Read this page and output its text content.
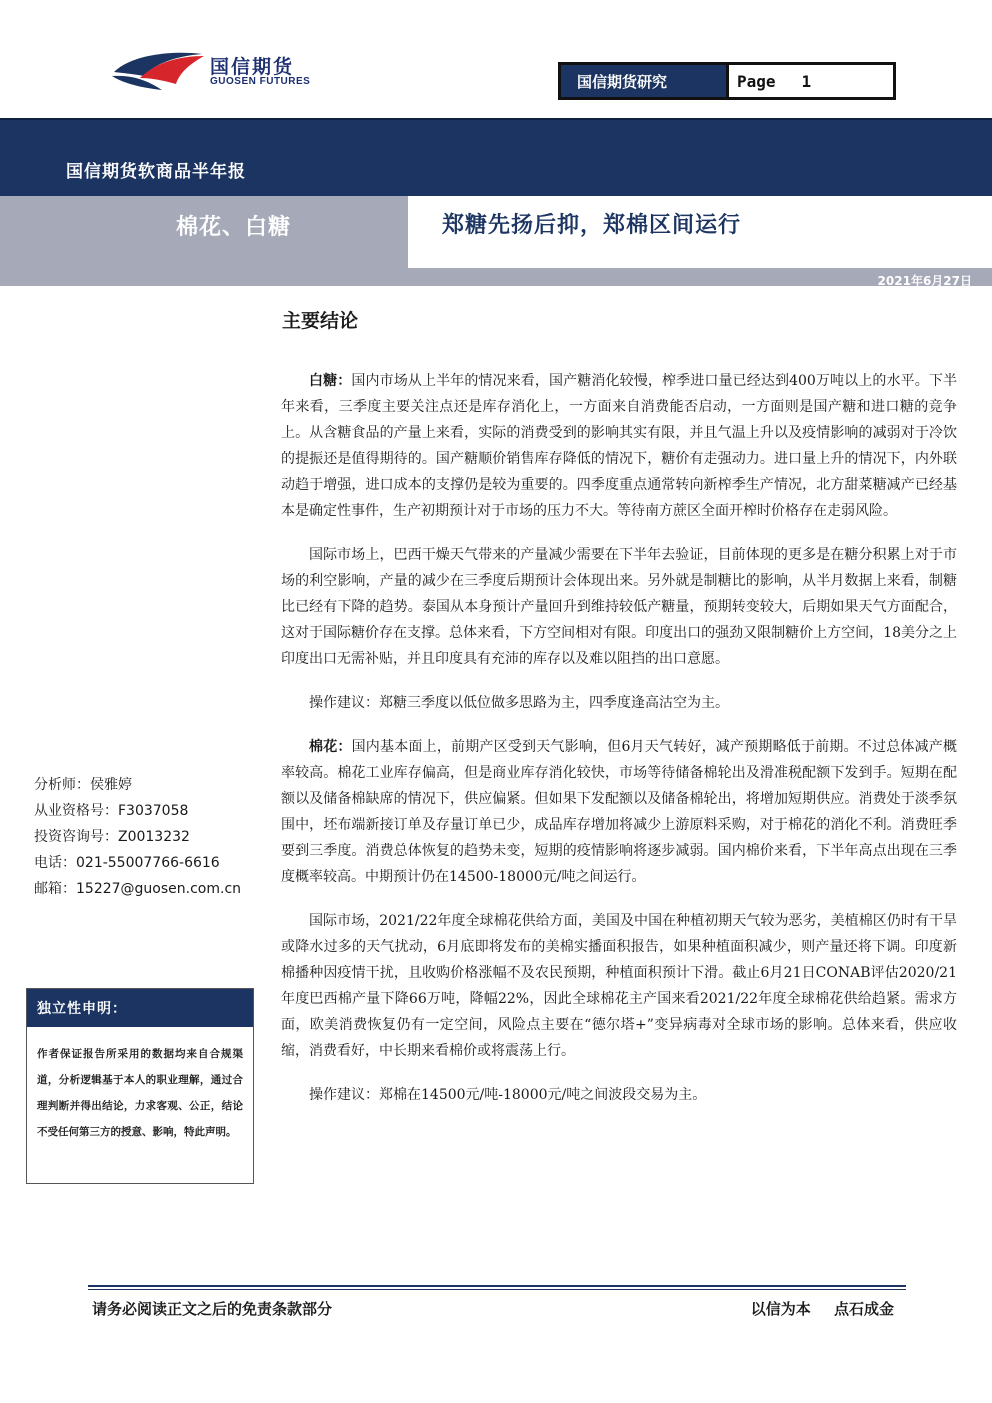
国信期货
GUOSEN FUTURES	国信期货研究	Page 1
国信期货软商品半年报
棉花、白糖	郑糖先扬后抑，郑棉区间运行
2021年6月27日
主要结论

白糖：国内市场从上半年的情况来看，国产糖消化较慢，榨季进口量已经达到400万吨以上的水平。下半年来看，三季度主要关注点还是库存消化上，一方面来自消费能否启动，一方面则是国产糖和进口糖的竞争上。从含糖食品的产量上来看，实际的消费受到的影响其实有限，并且气温上升以及疫情影响的减弱对于冷饮的提振还是值得期待的。国产糖顺价销售库存降低的情况下，糖价有走强动力。进口量上升的情况下，内外联动趋于增强，进口成本的支撑仍是较为重要的。四季度重点通常转向新榨季生产情况，北方甜菜糖减产已经基本是确定性事件，生产初期预计对于市场的压力不大。等待南方蔗区全面开榨时价格存在走弱风险。

国际市场上，巴西干燥天气带来的产量减少需要在下半年去验证，目前体现的更多是在糖分积累上对于市场的利空影响，产量的减少在三季度后期预计会体现出来。另外就是制糖比的影响，从半月数据上来看，制糖比已经有下降的趋势。泰国从本身预计产量回升到维持较低产糖量，预期转变较大，后期如果天气方面配合，这对于国际糖价存在支撑。总体来看，下方空间相对有限。印度出口的强劲又限制糖价上方空间，18美分之上印度出口无需补贴，并且印度具有充沛的库存以及难以阻挡的出口意愿。

操作建议：郑糖三季度以低位做多思路为主，四季度逢高沽空为主。

棉花：国内基本面上，前期产区受到天气影响，但6月天气转好，减产预期略低于前期。不过总体减产概率较高。棉花工业库存偏高，但是商业库存消化较快，市场等待储备棉轮出及滑准税配额下发到手。短期在配额以及储备棉缺席的情况下，供应偏紧。但如果下发配额以及储备棉轮出，将增加短期供应。消费处于淡季氛围中，坯布端新接订单及存量订单已少，成品库存增加将减少上游原料采购，对于棉花的消化不利。消费旺季要到三季度。消费总体恢复的趋势未变，短期的疫情影响将逐步减弱。国内棉价来看，下半年高点出现在三季度概率较高。中期预计仍在14500-18000元/吨之间运行。

国际市场，2021/22年度全球棉花供给方面，美国及中国在种植初期天气较为恶劣，美植棉区仍时有干旱或降水过多的天气扰动，6月底即将发布的美棉实播面积报告，如果种植面积减少，则产量还将下调。印度新棉播种因疫情干扰，且收购价格涨幅不及农民预期，种植面积预计下滑。截止6月21日CONAB评估2020/21年度巴西棉产量下降66万吨，降幅22%，因此全球棉花主产国来看2021/22年度全球棉花供给趋紧。需求方面，欧美消费恢复仍有一定空间，风险点主要在“德尔塔+”变异病毒对全球市场的影响。总体来看，供应收缩，消费看好，中长期来看棉价或将震荡上行。

操作建议：郑棉在14500元/吨-18000元/吨之间波段交易为主。

分析师：侯雅婷
从业资格号：F3037058
投资咨询号：Z0013232
电话：021-55007766-6616
邮箱：15227@guosen.com.cn
独立性申明：
作者保证报告所采用的数据均来自合规渠道，分析逻辑基于本人的职业理解，通过合理判断并得出结论，力求客观、公正，结论不受任何第三方的授意、影响，特此声明。
请务必阅读正文之后的免责条款部分	以信为本 点石成金
